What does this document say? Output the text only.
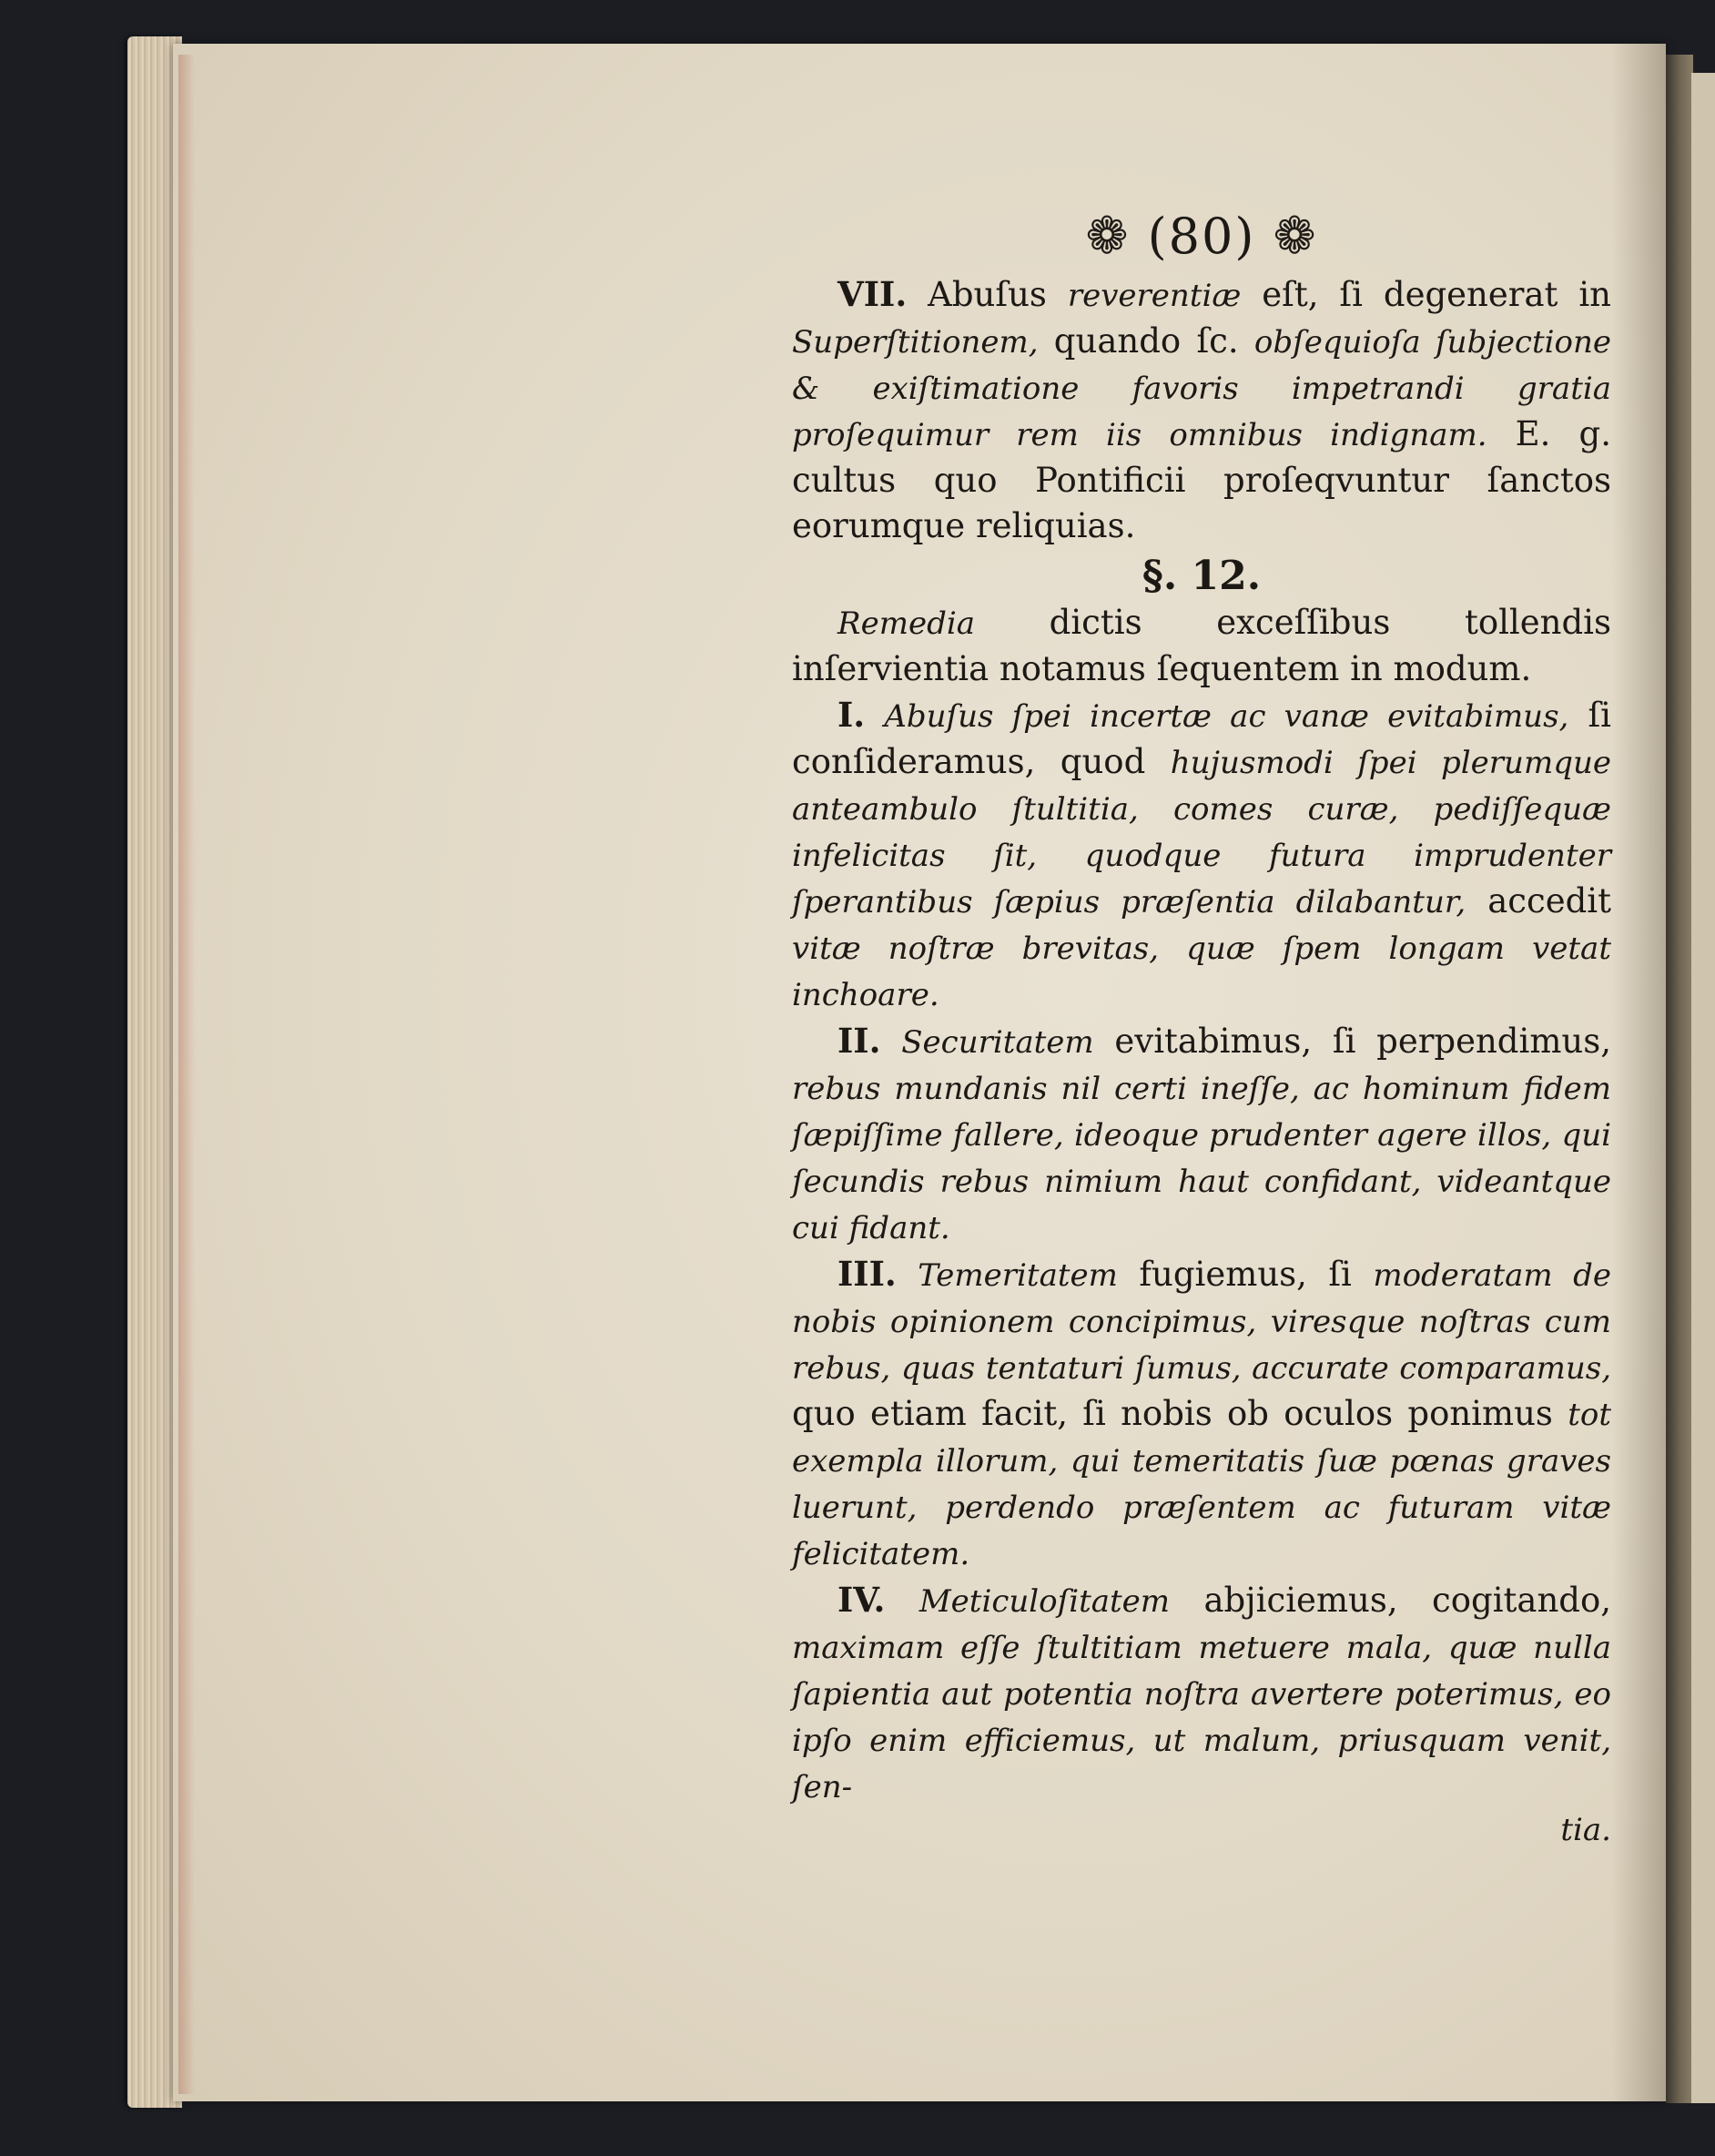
❁ (80) ❁

VII. Abuſus reverentiæ eſt, ſi degenerat in Superſtitionem, quando ſc. obſequioſa ſubjectione & exiſtimatione favoris impetrandi gratia proſequimur rem iis omnibus indignam. E. g. cultus quo Pontificii proſeqvuntur ſanctos eorumque reliquias.

§. 12.

Remedia dictis exceſſibus tollendis inſervientia notamus ſequentem in modum.

I. Abuſus ſpei incertæ ac vanæ evitabimus, ſi conſideramus, quod hujusmodi ſpei plerumque anteambulo ſtultitia, comes curæ, pediſſequæ infelicitas ſit, quodque futura imprudenter ſperantibus ſæpius præſentia dilabantur, accedit vitæ noſtræ brevitas, quæ ſpem longam vetat inchoare.

II. Securitatem evitabimus, ſi perpendimus, rebus mundanis nil certi ineſſe, ac hominum fidem ſæpiſſime fallere, ideoque prudenter agere illos, qui ſecundis rebus nimium haut confidant, videantque cui fidant.

III. Temeritatem fugiemus, ſi moderatam de nobis opinionem concipimus, viresque noſtras cum rebus, quas tentaturi ſumus, accurate comparamus, quo etiam facit, ſi nobis ob oculos ponimus tot exempla illorum, qui temeritatis ſuæ pœnas graves luerunt, perdendo præſentem ac futuram vitæ felicitatem.

IV. Meticuloſitatem abjiciemus, cogitando, maximam eſſe ſtultitiam metuere mala, quæ nulla ſapientia aut potentia noſtra avertere poterimus, eo ipſo enim efficiemus, ut malum, priusquam venit, ſen-

tia.
